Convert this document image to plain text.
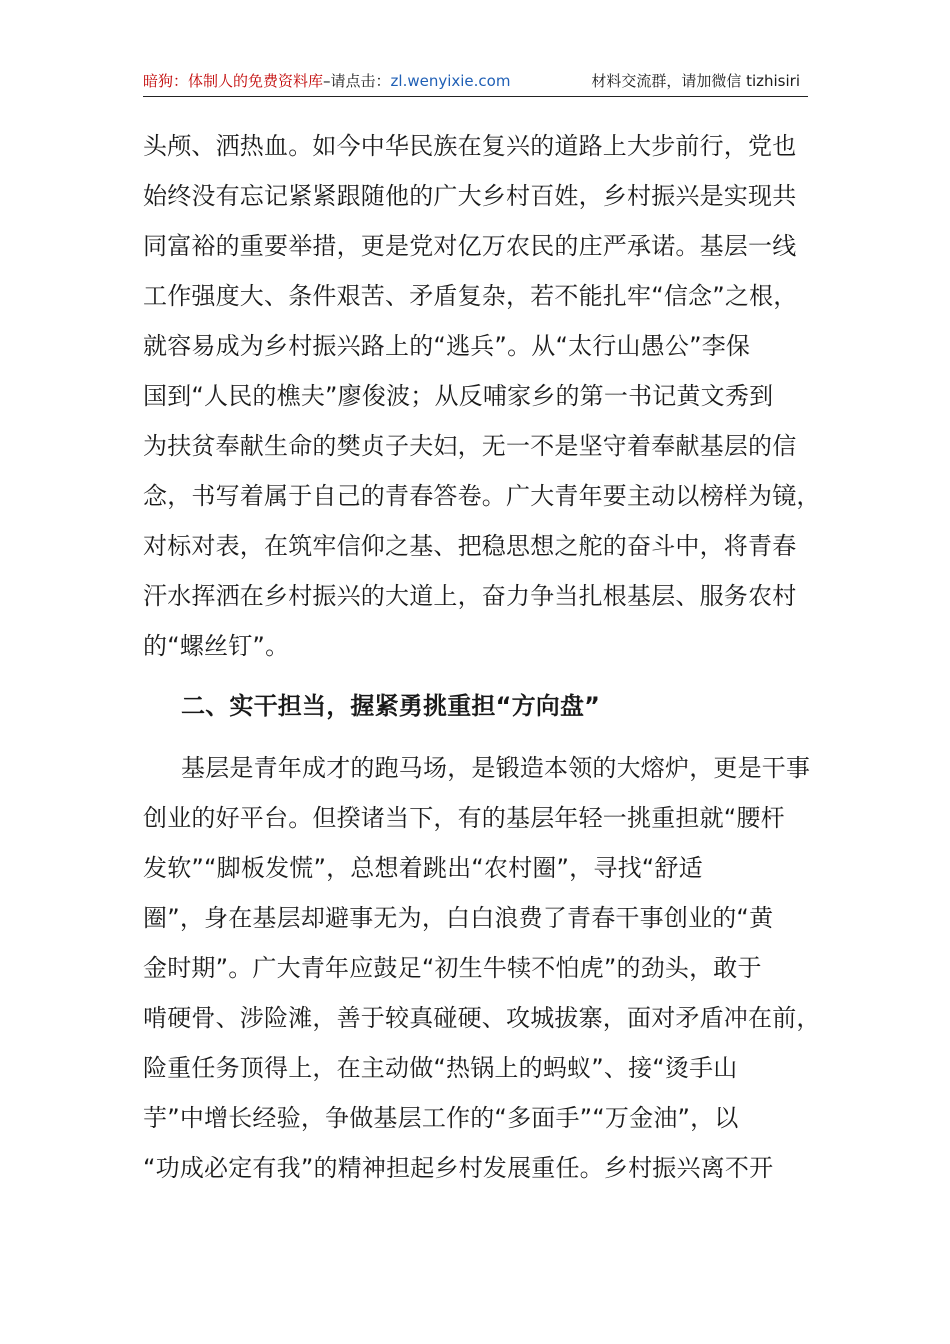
暗狗：体制人的免费资料库–请点击：zl.wenyixie.com	材料交流群，请加微信 tizhisiri

头颅、洒热血。如今中华民族在复兴的道路上大步前行，党也
始终没有忘记紧紧跟随他的广大乡村百姓，乡村振兴是实现共
同富裕的重要举措，更是党对亿万农民的庄严承诺。基层一线
工作强度大、条件艰苦、矛盾复杂，若不能扎牢“信念”之根，
就容易成为乡村振兴路上的“逃兵”。从“太行山愚公”李保
国到“人民的樵夫”廖俊波；从反哺家乡的第一书记黄文秀到
为扶贫奉献生命的樊贞子夫妇，无一不是坚守着奉献基层的信
念，书写着属于自己的青春答卷。广大青年要主动以榜样为镜，
对标对表，在筑牢信仰之基、把稳思想之舵的奋斗中，将青春
汗水挥洒在乡村振兴的大道上，奋力争当扎根基层、服务农村
的“螺丝钉”。

二、实干担当，握紧勇挑重担“方向盘”

基层是青年成才的跑马场，是锻造本领的大熔炉，更是干事
创业的好平台。但揆诸当下，有的基层年轻一挑重担就“腰杆
发软”“脚板发慌”，总想着跳出“农村圈”，寻找“舒适
圈”，身在基层却避事无为，白白浪费了青春干事创业的“黄
金时期”。广大青年应鼓足“初生牛犊不怕虎”的劲头，敢于
啃硬骨、涉险滩，善于较真碰硬、攻城拔寨，面对矛盾冲在前，
险重任务顶得上，在主动做“热锅上的蚂蚁”、接“烫手山
芋”中增长经验，争做基层工作的“多面手”“万金油”，以
“功成必定有我”的精神担起乡村发展重任。乡村振兴离不开
